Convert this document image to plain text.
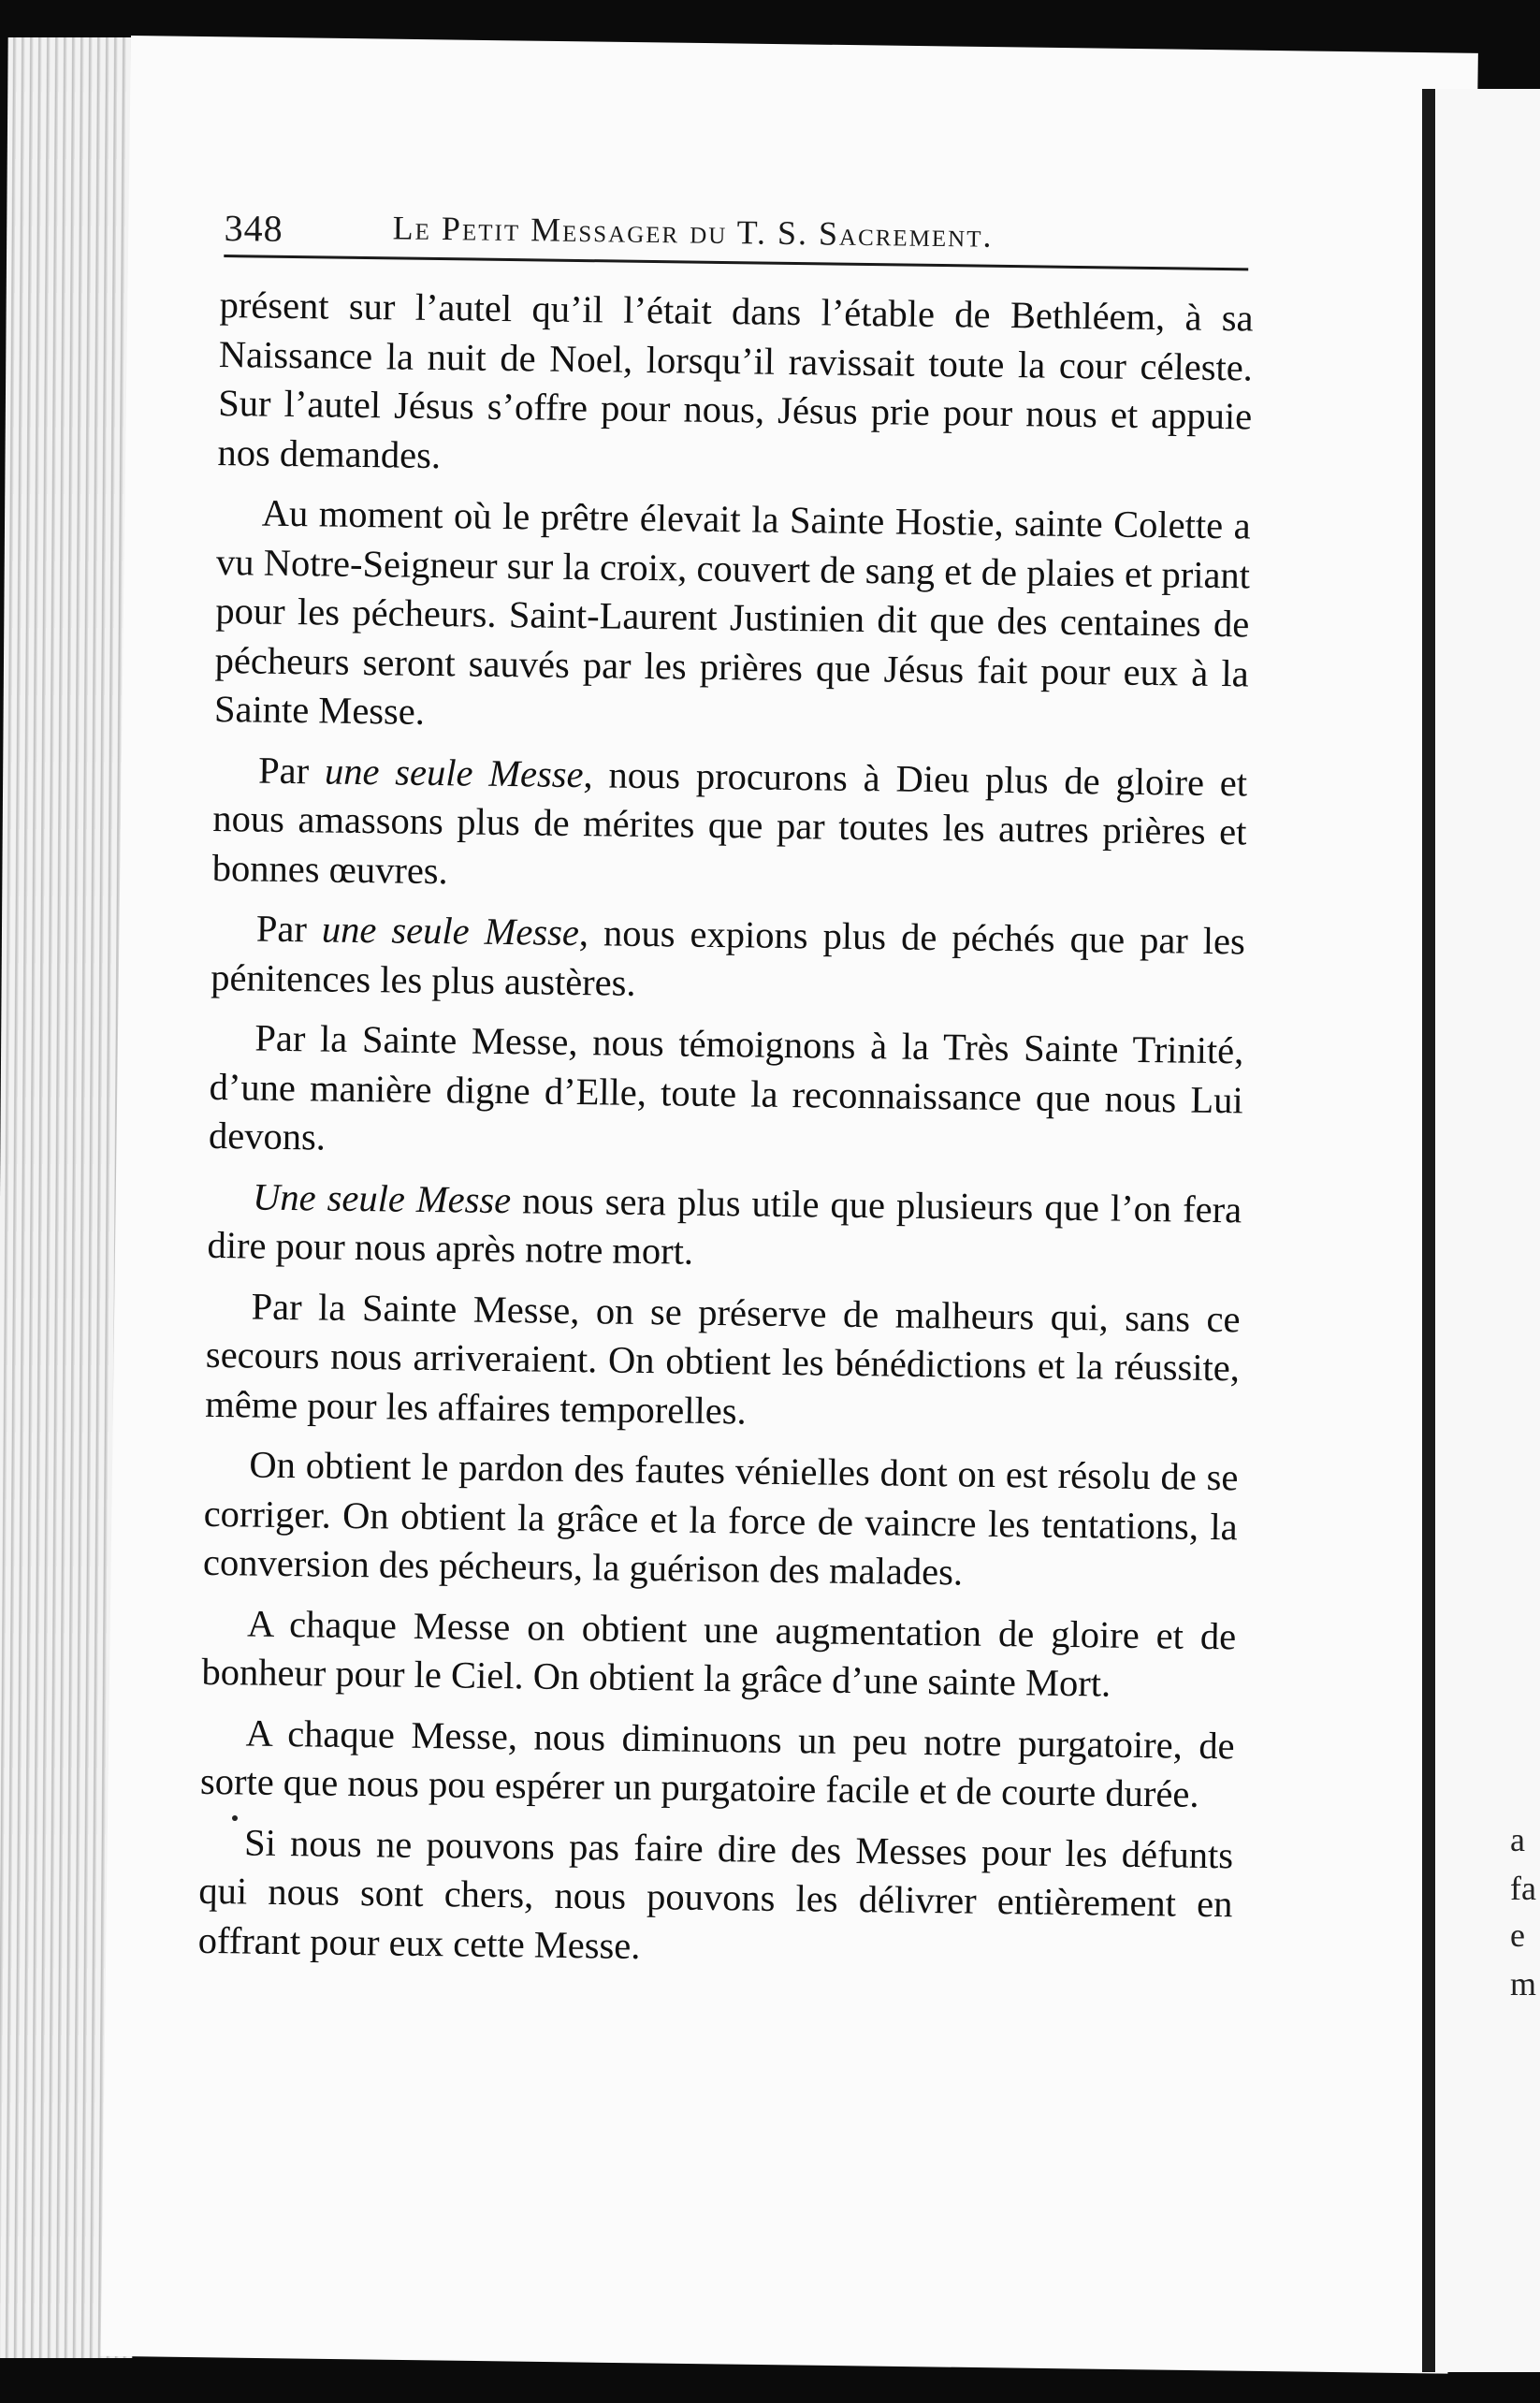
a
fa
e
m
348	Le Petit Messager du T. S. Sacrement.

présent sur l’autel qu’il l’était dans l’étable de Bethléem, à sa Naissance la nuit de Noel, lorsqu’il ravissait toute la cour céleste. Sur l’autel Jésus s’offre pour nous, Jésus prie pour nous et appuie nos demandes.

Au moment où le prêtre élevait la Sainte Hostie, sainte Colette a vu Notre-Seigneur sur la croix, couvert de sang et de plaies et priant pour les pécheurs. Saint-Laurent Justinien dit que des centaines de pécheurs seront sauvés par les prières que Jésus fait pour eux à la Sainte Messe.

Par une seule Messe, nous procurons à Dieu plus de gloire et nous amassons plus de mérites que par toutes les autres prières et bonnes œuvres.

Par une seule Messe, nous expions plus de péchés que par les pénitences les plus austères.

Par la Sainte Messe, nous témoignons à la Très Sainte Trinité, d’une manière digne d’Elle, toute la reconnaissance que nous Lui devons.

Une seule Messe nous sera plus utile que plusieurs que l’on fera dire pour nous après notre mort.

Par la Sainte Messe, on se préserve de malheurs qui, sans ce secours nous arriveraient. On obtient les bénédictions et la réussite, même pour les affaires temporelles.

On obtient le pardon des fautes vénielles dont on est résolu de se corriger. On obtient la grâce et la force de vaincre les tentations, la conversion des pécheurs, la guérison des malades.

A chaque Messe on obtient une augmentation de gloire et de bonheur pour le Ciel. On obtient la grâce d’une sainte Mort.

A chaque Messe, nous diminuons un peu notre purgatoire, de sorte que nous pou espérer un purgatoire facile et de courte durée.

Si nous ne pouvons pas faire dire des Messes pour les défunts qui nous sont chers, nous pouvons les délivrer entièrement en offrant pour eux cette Messe.
